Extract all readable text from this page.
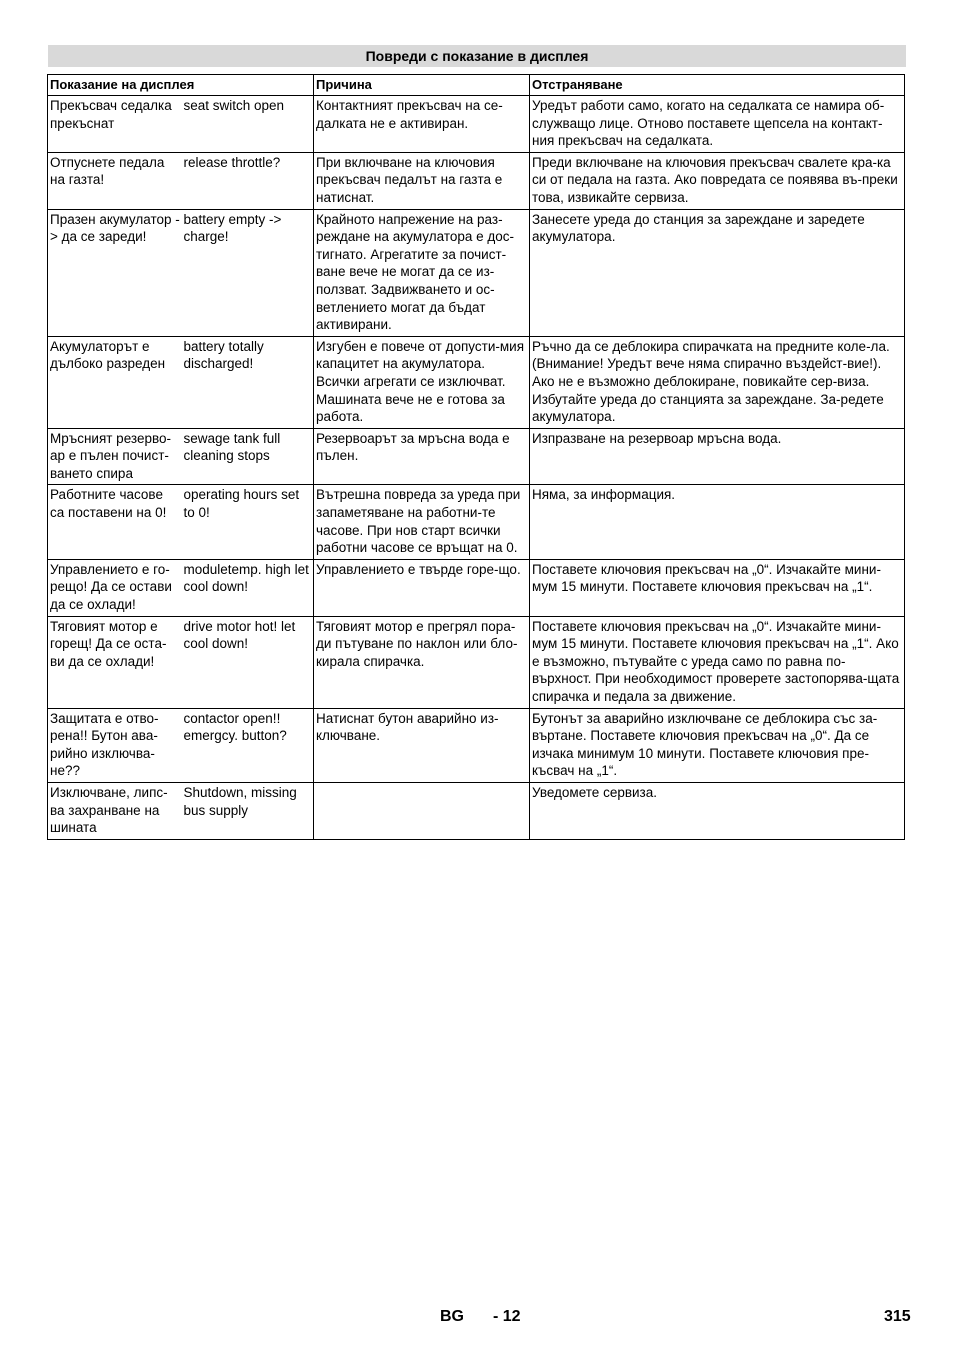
Повреди с показание в дисплея
Показание на дисплея		Причина	Отстраняване
Прекъсвач седалка прекъснат	seat switch open	Контактният прекъсвач на се-далката не е активиран.	Уредът работи само, когато на седалката се намира об-служващо лице. Отново поставете щепсела на контакт-ния прекъсвач на седалката.
Отпуснете педала на газта!	release throttle?	При включване на ключовия прекъсвач педалът на газта е натиснат.	Преди включване на ключовия прекъсвач свалете кра-ка си от педала на газта. Ако повредата се появява въ-преки това, извикайте сервиза.
Празен акумулатор -> да се зареди!	battery empty -> charge!	Крайното напрежение на раз-реждане на акумулатора е дос-тигнато. Агрегатите за почист-ване вече не могат да се из-ползват. Задвижването и ос-ветлението могат да бъдат активирани.	Занесете уреда до станция за зареждане и заредете акумулатора.
Акумулаторът е дълбоко разреден	battery totally discharged!	Изгубен е повече от допусти-мия капацитет на акумулатора. Всички агрегати се изключват. Машината вече не е готова за работа.	Ръчно да се деблокира спирачката на предните коле-ла. (Внимание! Уредът вече няма спирачно въздейст-вие!). Ако не е възможно деблокиране, повикайте сер-виза. Избутайте уреда до станцията за зареждане. За-редете акумулатора.
Мръсният резерво-ар е пълен почист-ването спира	sewage tank full cleaning stops	Резервоарът за мръсна вода е пълен.	Изпразване на резервоар мръсна вода.
Работните часове са поставени на 0!	operating hours set to 0!	Вътрешна повреда за уреда при запаметяване на работни-те часове. При нов старт всички работни часове се връщат на 0.	Няма, за информация.
Управлението е го-рещо! Да се остави да се охлади!	moduletemp. high let cool down!	Управлението е твърде горе-що.	Поставете ключовия прекъсвач на „0“. Изчакайте мини-мум 15 минути. Поставете ключовия прекъсвач на „1“.
Тяговият мотор е горещ! Да се оста-ви да се охлади!	drive motor hot! let cool down!	Тяговият мотор е прегрял пора-ди пътуване по наклон или бло-кирала спирачка.	Поставете ключовия прекъсвач на „0“. Изчакайте мини-мум 15 минути. Поставете ключовия прекъсвач на „1“. Ако е възможно, пътувайте с уреда само по равна по-върхност. При необходимост проверете застопорява-щата спирачка и педала за движение.
Защитата е отво-рена!! Бутон ава-рийно изключва-не??	contactor open!! emergcy. button?	Натиснат бутон аварийно из-ключване.	Бутонът за аварийно изключване се деблокира със за-въртане. Поставете ключовия прекъсвач на „0“. Да се изчака минимум 10 минути. Поставете ключовия пре-късвач на „1“.
Изключване, липс-ва захранване на шината	Shutdown, missing bus supply		Уведомете сервиза.
BG - 12	315
